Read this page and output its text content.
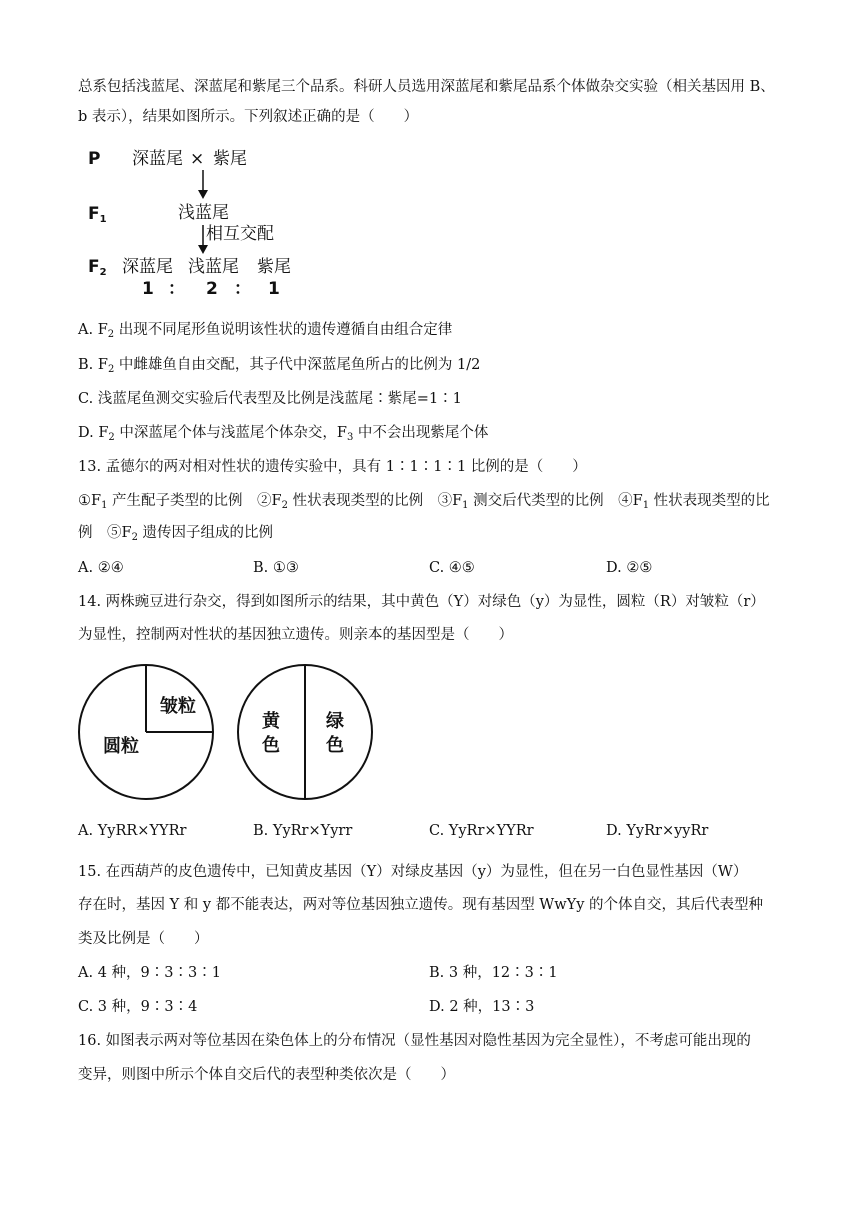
总系包括浅蓝尾、深蓝尾和紫尾三个品系。科研人员选用深蓝尾和紫尾品系个体做杂交实验（相关基因用 B、
b 表示），结果如图所示。下列叙述正确的是（　　）
P 深蓝尾 × 紫尾
$F_1$	浅蓝尾
相互交配
$F_2$ 深蓝尾 浅蓝尾 紫尾
1 ： 2 ： 1
A. $F_2$ 出现不同尾形鱼说明该性状的遗传遵循自由组合定律
B. $F_2$ 中雌雄鱼自由交配，其子代中深蓝尾鱼所占的比例为 1/2
C. 浅蓝尾鱼测交实验后代表型及比例是浅蓝尾∶紫尾=1∶1
D. $F_2$ 中深蓝尾个体与浅蓝尾个体杂交，$F_3$ 中不会出现紫尾个体
13. 孟德尔的两对相对性状的遗传实验中，具有 1∶1∶1∶1 比例的是（　　）
$①F_1$ 产生配子类型的比例　$②F_2$ 性状表现类型的比例　$③F_1$ 测交后代类型的比例　$④F_1$ 性状表现类型的比
例　$⑤F_2$ 遗传因子组成的比例
A. ②④	B. ①③	C. ④⑤	D. ②⑤
14. 两株豌豆进行杂交，得到如图所示的结果，其中黄色（Y）对绿色（y）为显性，圆粒（R）对皱粒（r）
为显性，控制两对性状的基因独立遗传。则亲本的基因型是（　　）
皱粒
圆粒
黄
色
绿
色
A. YyRR×YYRr	B. YyRr×Yyrr	C. YyRr×YYRr	D. YyRr×yyRr
15. 在西葫芦的皮色遗传中，已知黄皮基因（Y）对绿皮基因（y）为显性，但在另一白色显性基因（W）
存在时，基因 Y 和 y 都不能表达，两对等位基因独立遗传。现有基因型 WwYy 的个体自交，其后代表型种
类及比例是（　　）
A. 4 种，9∶3∶3∶1	B. 3 种，12∶3∶1
C. 3 种，9∶3∶4	D. 2 种，13∶3
16. 如图表示两对等位基因在染色体上的分布情况（显性基因对隐性基因为完全显性），不考虑可能出现的
变异，则图中所示个体自交后代的表型种类依次是（　　）
